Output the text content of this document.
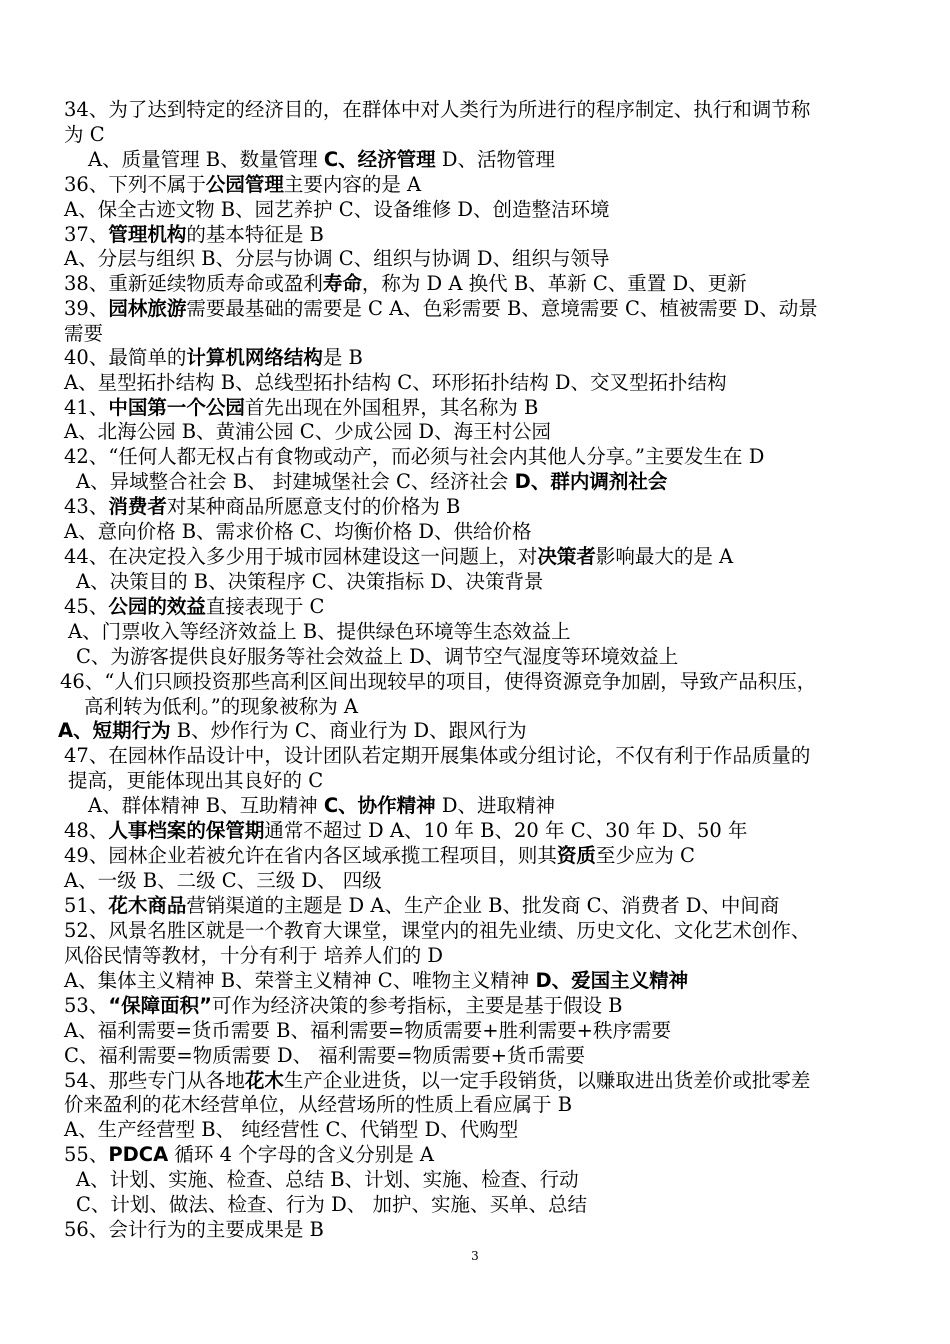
34、为了达到特定的经济目的，在群体中对人类行为所进行的程序制定、执行和调节称
为 C
A、质量管理 B、数量管理 C、经济管理 D、活物管理
36、下列不属于公园管理主要内容的是 A
A、保全古迹文物 B、园艺养护 C、设备维修 D、创造整洁环境
37、管理机构的基本特征是 B
A、分层与组织 B、分层与协调 C、组织与协调 D、组织与领导
38、重新延续物质寿命或盈利寿命，称为 D A 换代 B、革新 C、重置 D、更新
39、园林旅游需要最基础的需要是 C A、色彩需要 B、意境需要 C、植被需要 D、动景
需要
40、最简单的计算机网络结构是 B
A、星型拓扑结构 B、总线型拓扑结构 C、环形拓扑结构 D、交叉型拓扑结构
41、中国第一个公园首先出现在外国租界，其名称为 B
A、北海公园 B、黄浦公园 C、少成公园 D、海王村公园
42、“任何人都无权占有食物或动产，而必须与社会内其他人分享。”主要发生在 D
A、异域整合社会 B、 封建城堡社会 C、经济社会 D、群内调剂社会
43、消费者对某种商品所愿意支付的价格为 B
A、意向价格 B、需求价格 C、均衡价格 D、供给价格
44、在决定投入多少用于城市园林建设这一问题上，对决策者影响最大的是 A
A、决策目的 B、决策程序 C、决策指标 D、决策背景
45、公园的效益直接表现于 C
A、门票收入等经济效益上 B、提供绿色环境等生态效益上
C、为游客提供良好服务等社会效益上 D、调节空气湿度等环境效益上
46、“人们只顾投资那些高利区间出现较早的项目，使得资源竞争加剧，导致产品积压，
高利转为低利。”的现象被称为 A
A、短期行为 B、炒作行为 C、商业行为 D、跟风行为
47、在园林作品设计中，设计团队若定期开展集体或分组讨论，不仅有利于作品质量的
提高，更能体现出其良好的 C
A、群体精神 B、互助精神 C、协作精神 D、进取精神
48、人事档案的保管期通常不超过 D A、10 年 B、20 年 C、30 年 D、50 年
49、园林企业若被允许在省内各区域承揽工程项目，则其资质至少应为 C
A、一级 B、二级 C、三级 D、 四级
51、花木商品营销渠道的主题是 D A、生产企业 B、批发商 C、消费者 D、中间商
52、风景名胜区就是一个教育大课堂，课堂内的祖先业绩、历史文化、文化艺术创作、
风俗民情等教材，十分有利于 培养人们的 D
A、集体主义精神 B、荣誉主义精神 C、唯物主义精神 D、爱国主义精神
53、“保障面积”可作为经济决策的参考指标，主要是基于假设 B
A、福利需要=货币需要 B、福利需要=物质需要+胜利需要+秩序需要
C、福利需要=物质需要 D、 福利需要=物质需要+货币需要
54、那些专门从各地花木生产企业进货，以一定手段销货，以赚取进出货差价或批零差
价来盈利的花木经营单位，从经营场所的性质上看应属于 B
A、生产经营型 B、 纯经营性 C、代销型 D、代购型
55、PDCA 循环 4 个字母的含义分别是 A
A、计划、实施、检查、总结 B、计划、实施、检查、行动
C、计划、做法、检查、行为 D、 加护、实施、买单、总结
56、会计行为的主要成果是 B
3
